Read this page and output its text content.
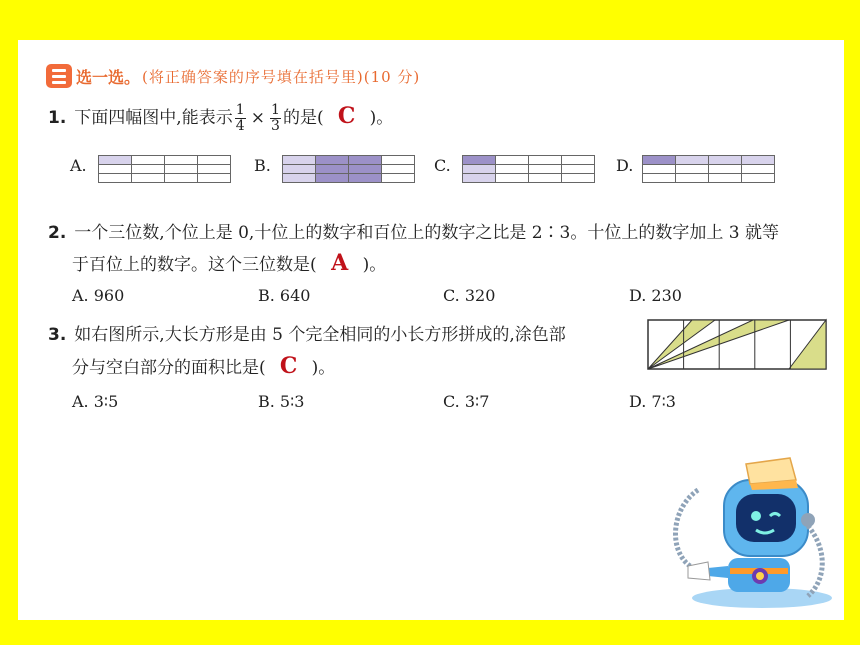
选一选。 (将正确答案的序号填在括号里)(10 分)
1. 下面四幅图中,能表示 $\frac{1}{4} \times \frac{1}{3}$ 的是( C )。
A.

				B.

				C.

				D.

2. 一个三位数,个位上是 0,十位上的数字和百位上的数字之比是 2∶3。十位上的数字加上 3 就等
于百位上的数字。这个三位数是( A )。
A. 960	B. 640	C. 320	D. 230
3. 如右图所示,大长方形是由 5 个完全相同的小长方形拼成的,涂色部
分与空白部分的面积比是( C )。
A. 3∶5	B. 5∶3	C. 3∶7	D. 7∶3
